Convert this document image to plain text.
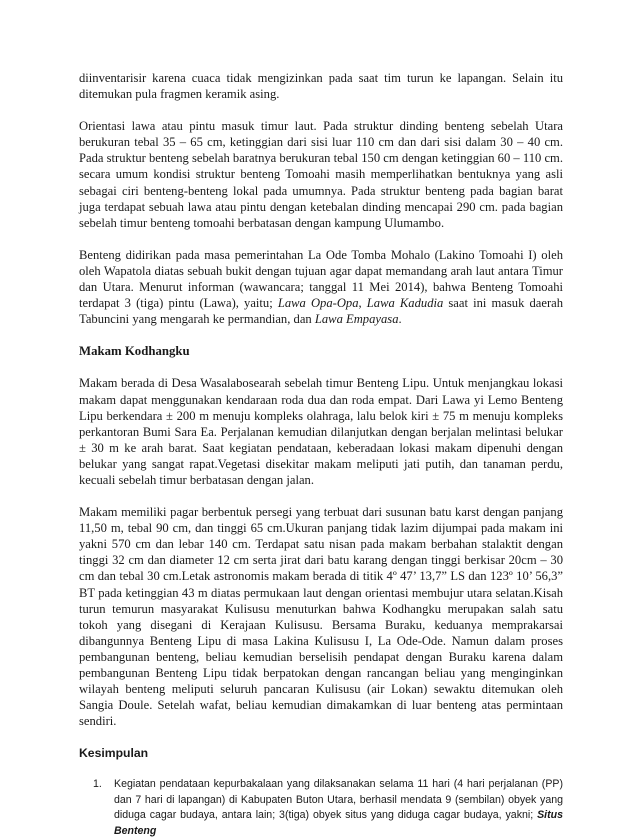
diinventarisir karena cuaca tidak mengizinkan pada saat tim turun ke lapangan. Selain itu ditemukan pula fragmen keramik asing.

Orientasi lawa atau pintu masuk timur laut. Pada struktur dinding benteng sebelah Utara berukuran tebal 35 – 65 cm, ketinggian dari sisi luar 110 cm dan dari sisi dalam 30 – 40 cm. Pada struktur benteng sebelah baratnya berukuran tebal 150 cm dengan ketinggian 60 – 110 cm. secara umum kondisi struktur benteng Tomoahi masih memperlihatkan bentuknya yang asli sebagai ciri benteng-benteng lokal pada umumnya. Pada struktur benteng pada bagian barat juga terdapat sebuah lawa atau pintu dengan ketebalan dinding mencapai 290 cm. pada bagian sebelah timur benteng tomoahi berbatasan dengan kampung Ulumambo.

Benteng didirikan pada masa pemerintahan La Ode Tomba Mohalo (Lakino Tomoahi I) oleh oleh Wapatola diatas sebuah bukit dengan tujuan agar dapat memandang arah laut antara Timur dan Utara. Menurut informan (wawancara; tanggal 11 Mei 2014), bahwa Benteng Tomoahi terdapat 3 (tiga) pintu (Lawa), yaitu; Lawa Opa-Opa, Lawa Kadudia saat ini masuk daerah Tabuncini yang mengarah ke permandian, dan Lawa Empayasa.

Makam Kodhangku

Makam berada di Desa Wasalabosearah sebelah timur Benteng Lipu. Untuk menjangkau lokasi makam dapat menggunakan kendaraan roda dua dan roda empat. Dari Lawa yi Lemo Benteng Lipu berkendara ± 200 m menuju kompleks olahraga, lalu belok kiri ± 75 m menuju kompleks perkantoran Bumi Sara Ea. Perjalanan kemudian dilanjutkan dengan berjalan melintasi belukar ± 30 m ke arah barat. Saat kegiatan pendataan, keberadaan lokasi makam dipenuhi dengan belukar yang sangat rapat.Vegetasi disekitar makam meliputi jati putih, dan tanaman perdu, kecuali sebelah timur berbatasan dengan jalan.

Makam memiliki pagar berbentuk persegi yang terbuat dari susunan batu karst dengan panjang 11,50 m, tebal 90 cm, dan tinggi 65 cm.Ukuran panjang tidak lazim dijumpai pada makam ini yakni 570 cm dan lebar 140 cm. Terdapat satu nisan pada makam berbahan stalaktit dengan tinggi 32 cm dan diameter 12 cm serta jirat dari batu karang dengan tinggi berkisar 20cm – 30 cm dan tebal 30 cm.Letak astronomis makam berada di titik 4º 47’ 13,7” LS dan 123º 10’ 56,3” BT pada ketinggian 43 m diatas permukaan laut dengan orientasi membujur utara selatan.Kisah turun temurun masyarakat Kulisusu menuturkan bahwa Kodhangku merupakan salah satu tokoh yang disegani di Kerajaan Kulisusu. Bersama Buraku, keduanya memprakarsai dibangunnya Benteng Lipu di masa Lakina Kulisusu I, La Ode-Ode. Namun dalam proses pembangunan benteng, beliau kemudian berselisih pendapat dengan Buraku karena dalam pembangunan Benteng Lipu tidak berpatokan dengan rancangan beliau yang menginginkan wilayah benteng meliputi seluruh pancaran Kulisusu (air Lokan) sewaktu ditemukan oleh Sangia Doule. Setelah wafat, beliau kemudian dimakamkan di luar benteng atas permintaan sendiri.

Kesimpulan
1. Kegiatan pendataan kepurbakalaan yang dilaksanakan selama 11 hari (4 hari perjalanan (PP) dan 7 hari di lapangan) di Kabupaten Buton Utara, berhasil mendata 9 (sembilan) obyek yang diduga cagar budaya, antara lain; 3(tiga) obyek situs yang diduga cagar budaya, yakni; Situs Benteng
